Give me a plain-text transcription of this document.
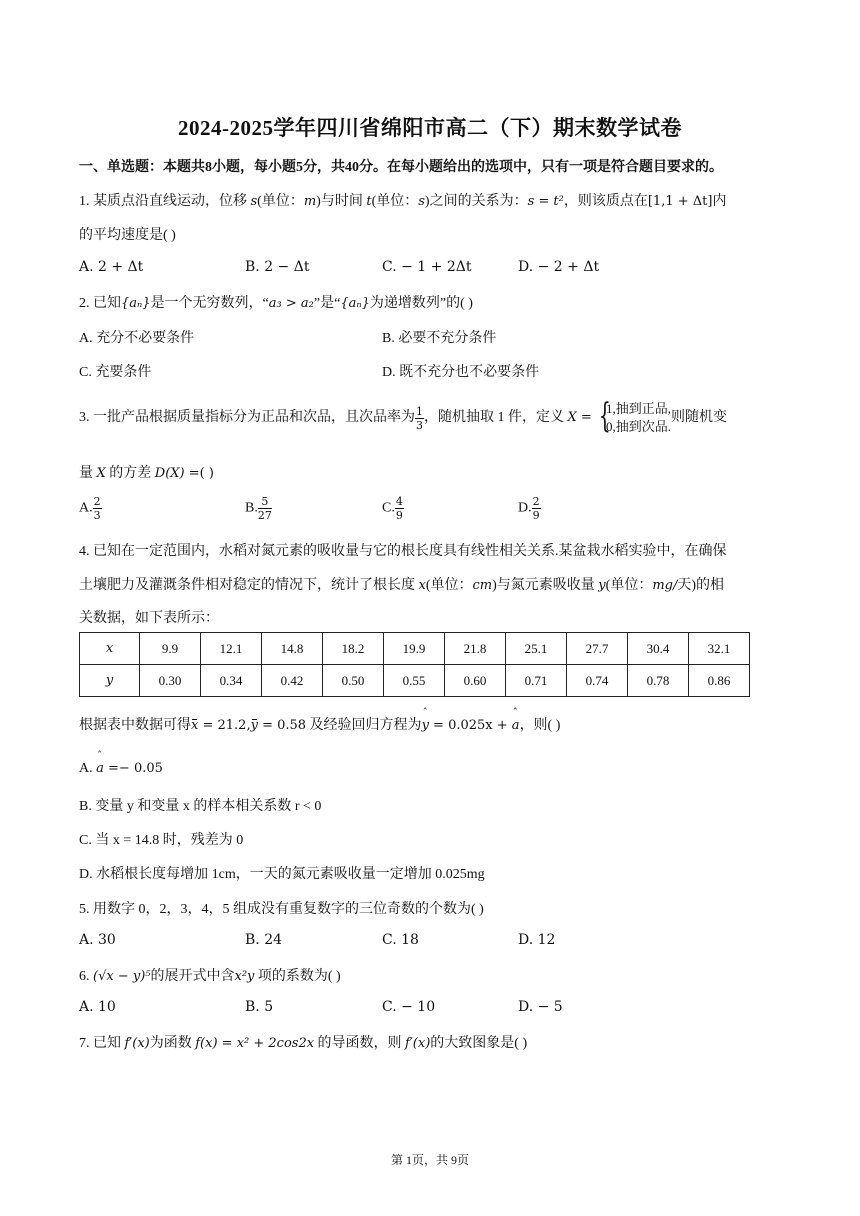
2024-2025学年四川省绵阳市高二（下）期末数学试卷
一、单选题：本题共8小题，每小题5分，共40分。在每小题给出的选项中，只有一项是符合题目要求的。
1. 某质点沿直线运动，位移 s(单位：m)与时间 t(单位：s)之间的关系为：s = t²，则该质点在[1,1 + Δt]内
的平均速度是( )
A. 2 + Δt	B. 2 − Δt	C. − 1 + 2Δt	D. − 2 + Δt
2. 已知{aₙ}是一个无穷数列，“a₃ > a₂”是“{aₙ}为递增数列”的( )
A. 充分不必要条件	B. 必要不充分条件
C. 充要条件	D. 既不充分也不必要条件
3. 一批产品根据质量指标分为正品和次品，且次品率为 $\frac{1}{3}$ ，随机抽取 1 件，定义 X = {
1,抽到正品,
0,抽到次品.
则随机变
量 X 的方差 D(X) =( )
A. $\frac{2}{3}$	B. $\frac{5}{27}$	C. $\frac{4}{9}$	D. $\frac{2}{9}$
4. 已知在一定范围内，水稻对氮元素的吸收量与它的根长度具有线性相关关系.某盆栽水稻实验中，在确保
土壤肥力及灌溉条件相对稳定的情况下，统计了根长度 x(单位：cm)与氮元素吸收量 y(单位：mg/天)的相
关数据，如下表所示：
x	9.9	12.1	14.8	18.2	19.9	21.8	25.1	27.7	30.4	32.1
y	0.30	0.34	0.42	0.50	0.55	0.60	0.71	0.74	0.78	0.86
根据表中数据可得x = 21.2,y = 0.58 及经验回归方程为ˆ y = 0.025x + ˆ a，则( )
A. ˆ a =− 0.05
B. 变量 y 和变量 x 的样本相关系数 r < 0
C. 当 x = 14.8 时，残差为 0
D. 水稻根长度每增加 1cm，一天的氮元素吸收量一定增加 0.025mg
5. 用数字 0，2，3，4，5 组成没有重复数字的三位奇数的个数为( )
A. 30	B. 24	C. 18	D. 12
6. (√x − y)⁵的展开式中含x²y 项的系数为( )
A. 10	B. 5	C. − 10	D. − 5
7. 已知 f′(x)为函数 f(x) = x² + 2cos2x 的导函数，则 f′(x)的大致图象是( )
第 1页，共 9页
